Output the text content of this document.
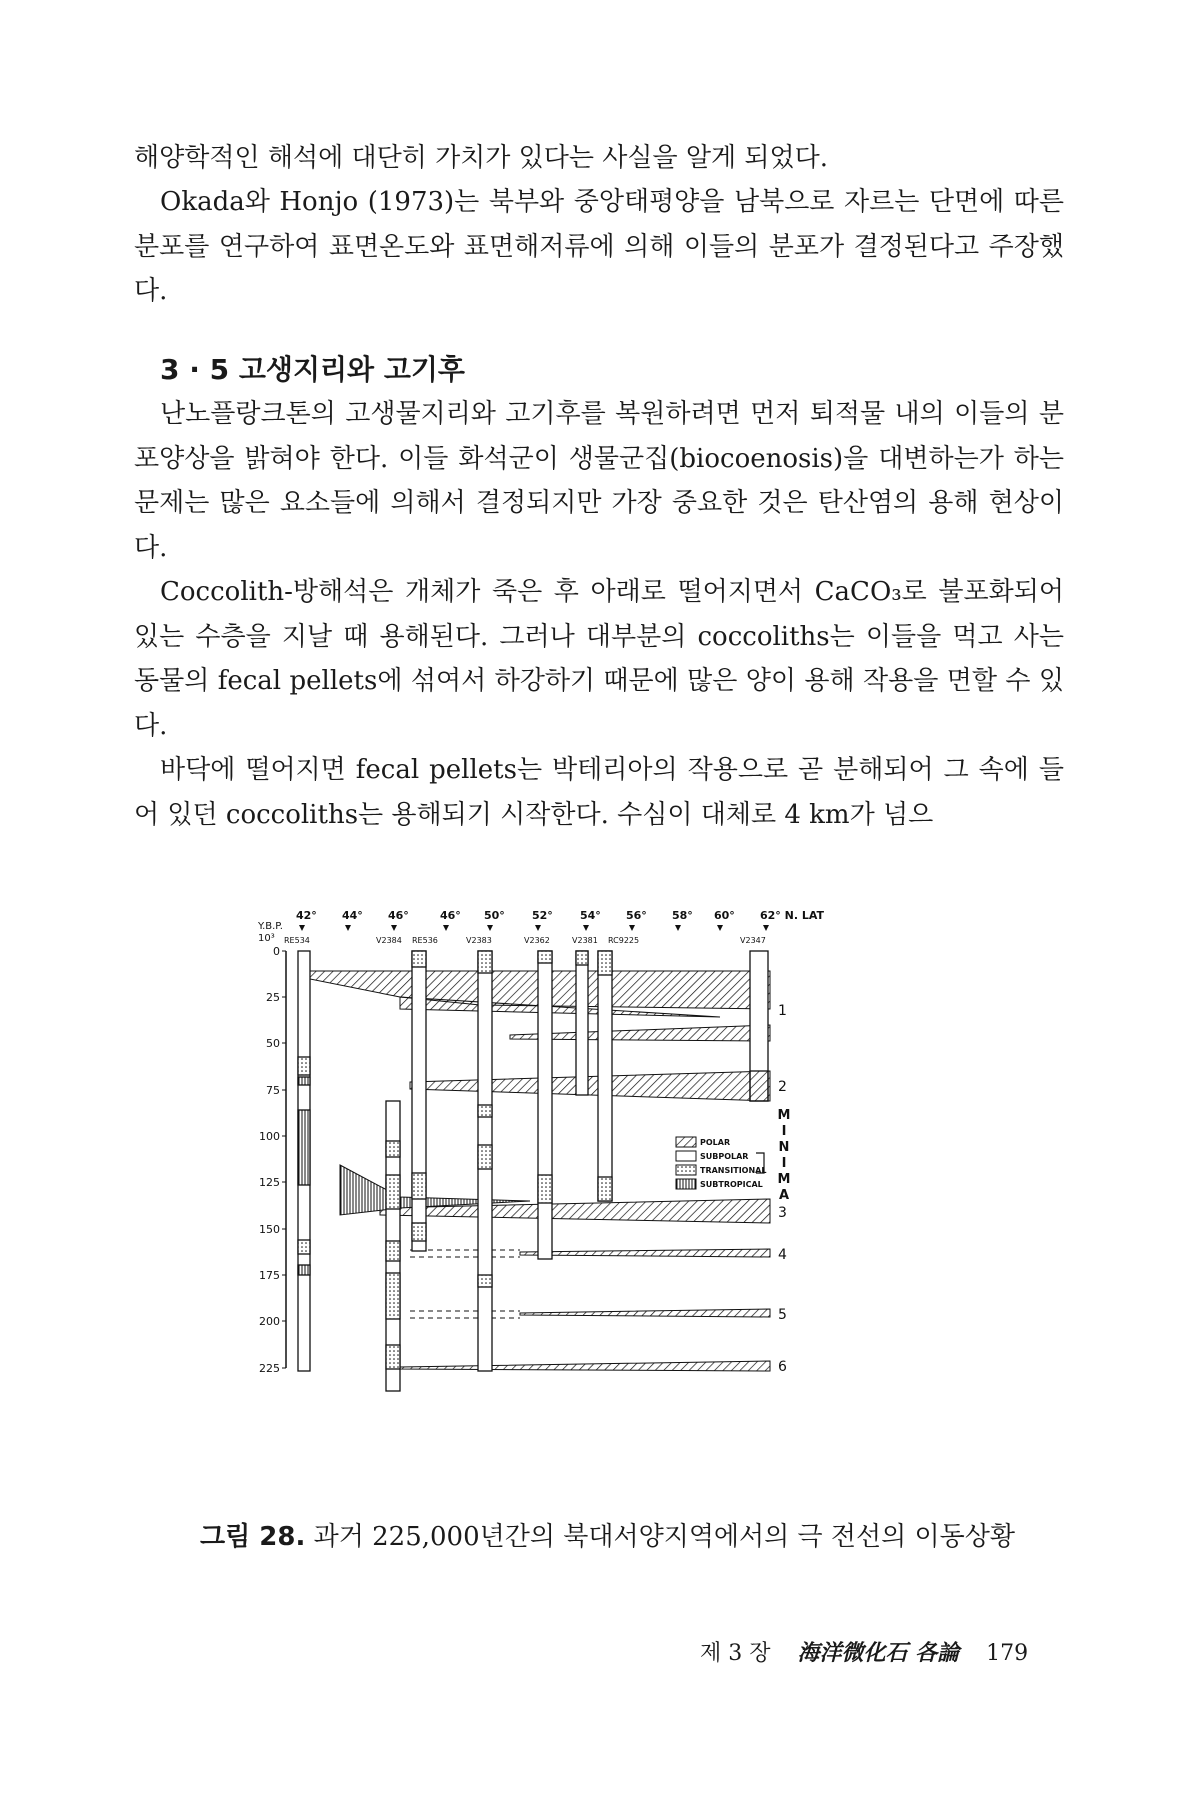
해양학적인 해석에 대단히 가치가 있다는 사실을 알게 되었다.

Okada와 Honjo (1973)는 북부와 중앙태평양을 남북으로 자르는 단면에 따른 분포를 연구하여 표면온도와 표면해저류에 의해 이들의 분포가 결정된다고 주장했다.

3 · 5 고생지리와 고기후

난노플랑크톤의 고생물지리와 고기후를 복원하려면 먼저 퇴적물 내의 이들의 분포양상을 밝혀야 한다. 이들 화석군이 생물군집(biocoenosis)을 대변하는가 하는 문제는 많은 요소들에 의해서 결정되지만 가장 중요한 것은 탄산염의 용해 현상이다.

Coccolith-방해석은 개체가 죽은 후 아래로 떨어지면서 CaCO₃로 불포화되어 있는 수층을 지날 때 용해된다. 그러나 대부분의 coccoliths는 이들을 먹고 사는 동물의 fecal pellets에 섞여서 하강하기 때문에 많은 양이 용해 작용을 면할 수 있다.

바닥에 떨어지면 fecal pellets는 박테리아의 작용으로 곧 분해되어 그 속에 들어 있던 coccoliths는 용해되기 시작한다. 수심이 대체로 4 km가 넘으

42° 44° 46°	46° 50° 52° 54° 56° 58° 60° 62° N. LAT
Y.B.P.
10³ RE534	V2384 RE536	V2383	V2362	V2381 RC9225	V2347
0
25
50
75
100
125
150
175
200
225
POLAR
SUBPOLAR
TRANSITIONAL
SUBTROPICAL
1
2
3
4
5
6
M
I
N
I
M
A

그림 28. 과거 225,000년간의 북대서양지역에서의 극 전선의 이동상황

제 3 장 海洋微化石 各論 179
